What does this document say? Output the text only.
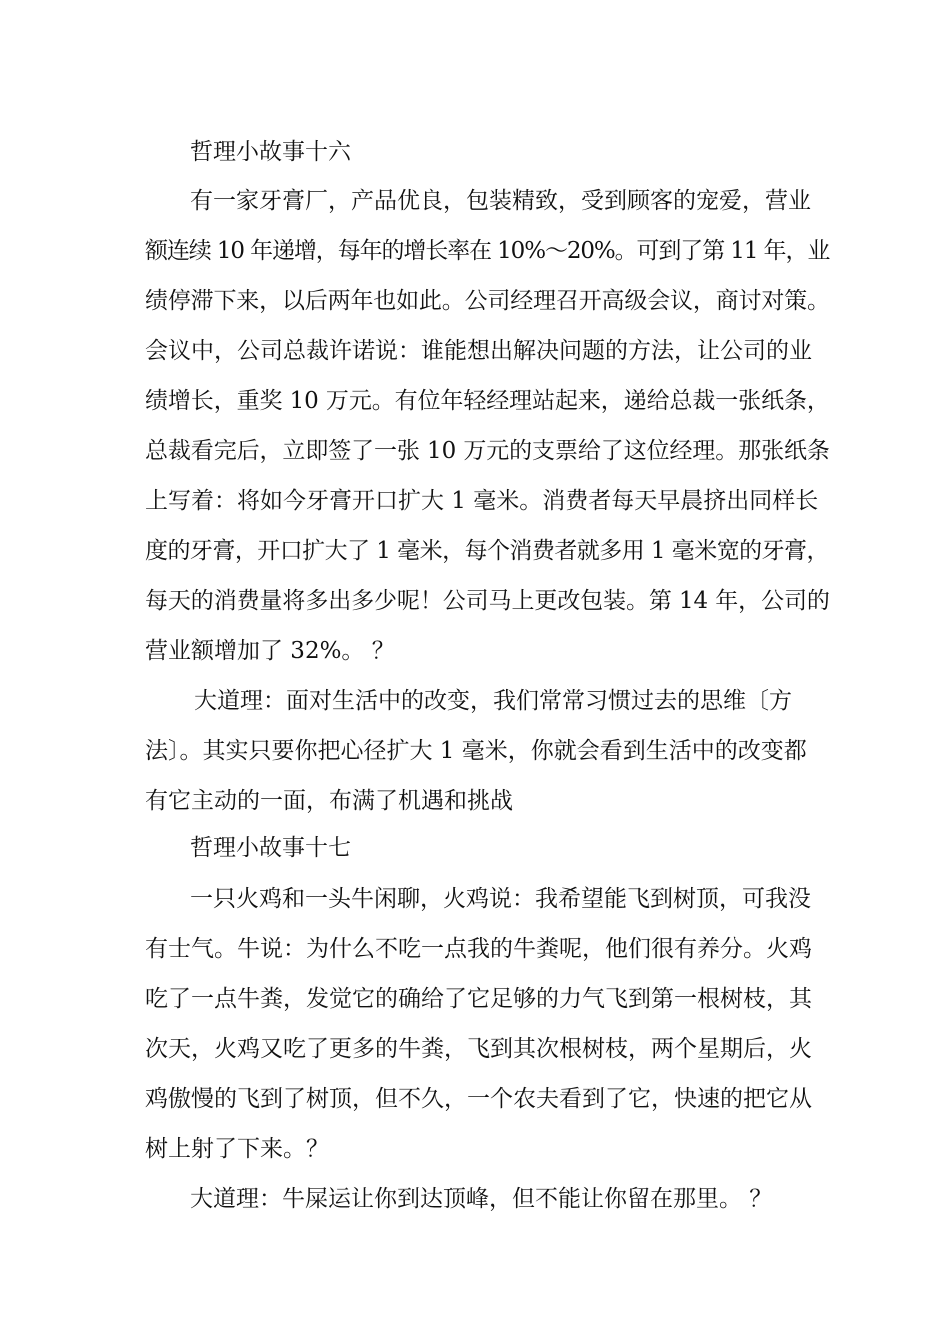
哲理小故事十六
有一家牙膏厂，产品优良，包装精致，受到顾客的宠爱，营业
额连续 10 年递增，每年的增长率在 10%～20%。可到了第 11 年，业
绩停滞下来，以后两年也如此。公司经理召开高级会议，商讨对策。
会议中，公司总裁许诺说：谁能想出解决问题的方法，让公司的业
绩增长，重奖 10 万元。有位年轻经理站起来，递给总裁一张纸条，
总裁看完后，立即签了一张 10 万元的支票给了这位经理。那张纸条
上写着：将如今牙膏开口扩大 1 毫米。消费者每天早晨挤出同样长
度的牙膏，开口扩大了 1 毫米，每个消费者就多用 1 毫米宽的牙膏，
每天的消费量将多出多少呢！公司马上更改包装。第 14 年，公司的
营业额增加了 32%。 ？
大道理：面对生活中的改变，我们常常习惯过去的思维〔方
法〕。其实只要你把心径扩大 1 毫米，你就会看到生活中的改变都
有它主动的一面，布满了机遇和挑战
哲理小故事十七
一只火鸡和一头牛闲聊，火鸡说：我希望能飞到树顶，可我没
有士气。牛说：为什么不吃一点我的牛粪呢，他们很有养分。火鸡
吃了一点牛粪，发觉它的确给了它足够的力气飞到第一根树枝，其
次天，火鸡又吃了更多的牛粪，飞到其次根树枝，两个星期后，火
鸡傲慢的飞到了树顶，但不久，一个农夫看到了它，快速的把它从
树上射了下来。？
大道理：牛屎运让你到达顶峰，但不能让你留在那里。 ？
